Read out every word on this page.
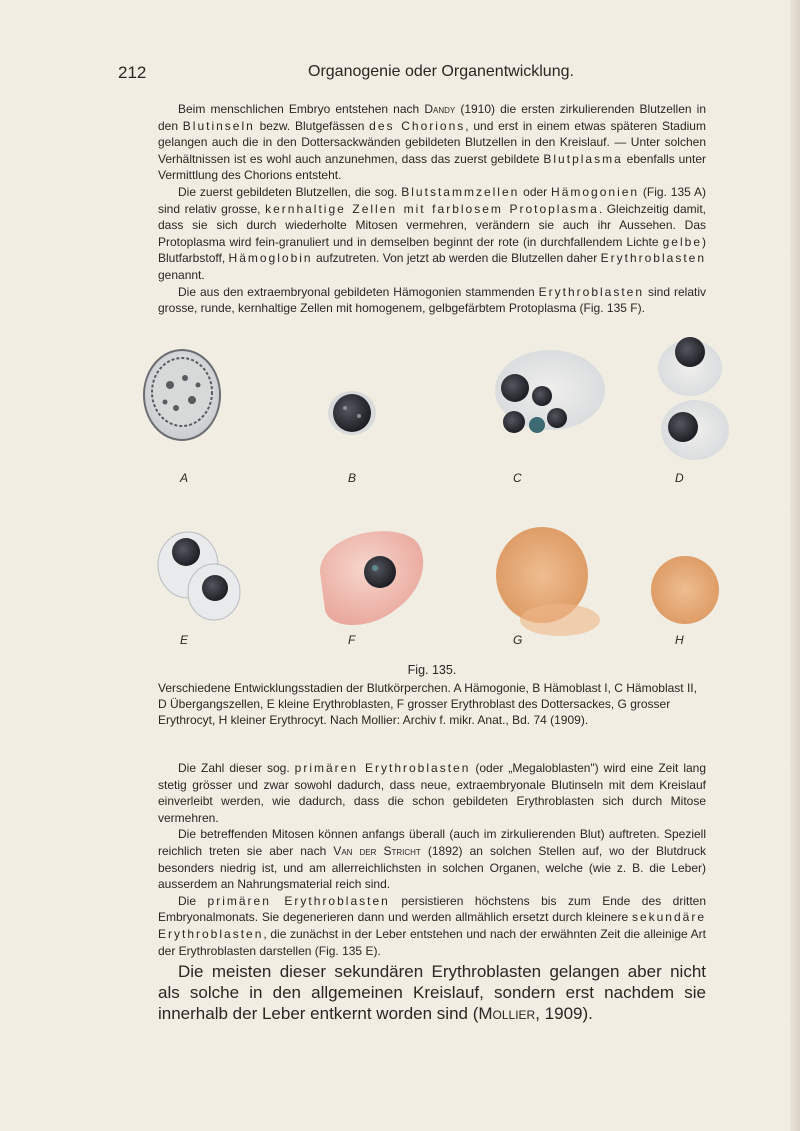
212	Organogenie oder Organentwicklung.

Beim menschlichen Embryo entstehen nach Dandy (1910) die ersten zirkulierenden Blutzellen in den Blutinseln bezw. Blutgefässen des Chorions, und erst in einem etwas späteren Stadium gelangen auch die in den Dottersackwänden gebildeten Blutzellen in den Kreislauf. — Unter solchen Verhältnissen ist es wohl auch anzunehmen, dass das zuerst gebildete Blutplasma ebenfalls unter Vermittlung des Chorions entsteht.

Die zuerst gebildeten Blutzellen, die sog. Blutstammzellen oder Hämogonien (Fig. 135 A) sind relativ grosse, kernhaltige Zellen mit farblosem Protoplasma. Gleichzeitig damit, dass sie sich durch wiederholte Mitosen vermehren, verändern sie auch ihr Aussehen. Das Protoplasma wird fein-granuliert und in demselben beginnt der rote (in durchfallendem Lichte gelbe) Blutfarbstoff, Hämoglobin aufzutreten. Von jetzt ab werden die Blutzellen daher Erythroblasten genannt.

Die aus den extraembryonal gebildeten Hämogonien stammenden Erythroblasten sind relativ grosse, runde, kernhaltige Zellen mit homogenem, gelbgefärbtem Protoplasma (Fig. 135 F).

A	B	C	D
E	F	G	H
Fig. 135.
Verschiedene Entwicklungsstadien der Blutkörperchen. A Hämogonie, B Hämoblast I, C Hämoblast II, D Übergangszellen, E kleine Erythroblasten, F grosser Erythroblast des Dottersackes, G grosser Erythrocyt, H kleiner Erythrocyt. Nach Mollier: Archiv f. mikr. Anat., Bd. 74 (1909).

Die Zahl dieser sog. primären Erythroblasten (oder „Megaloblasten") wird eine Zeit lang stetig grösser und zwar sowohl dadurch, dass neue, extraembryonale Blutinseln mit dem Kreislauf einverleibt werden, wie dadurch, dass die schon gebildeten Erythroblasten sich durch Mitose vermehren.

Die betreffenden Mitosen können anfangs überall (auch im zirkulierenden Blut) auftreten. Speziell reichlich treten sie aber nach Van der Stricht (1892) an solchen Stellen auf, wo der Blutdruck besonders niedrig ist, und am allerreichlichsten in solchen Organen, welche (wie z. B. die Leber) ausserdem an Nahrungsmaterial reich sind.

Die primären Erythroblasten persistieren höchstens bis zum Ende des dritten Embryonalmonats. Sie degenerieren dann und werden allmählich ersetzt durch kleinere sekundäre Erythroblasten, die zunächst in der Leber entstehen und nach der erwähnten Zeit die alleinige Art der Erythroblasten darstellen (Fig. 135 E).

Die meisten dieser sekundären Erythroblasten gelangen aber nicht als solche in den allgemeinen Kreislauf, sondern erst nachdem sie innerhalb der Leber entkernt worden sind (Mollier, 1909).
